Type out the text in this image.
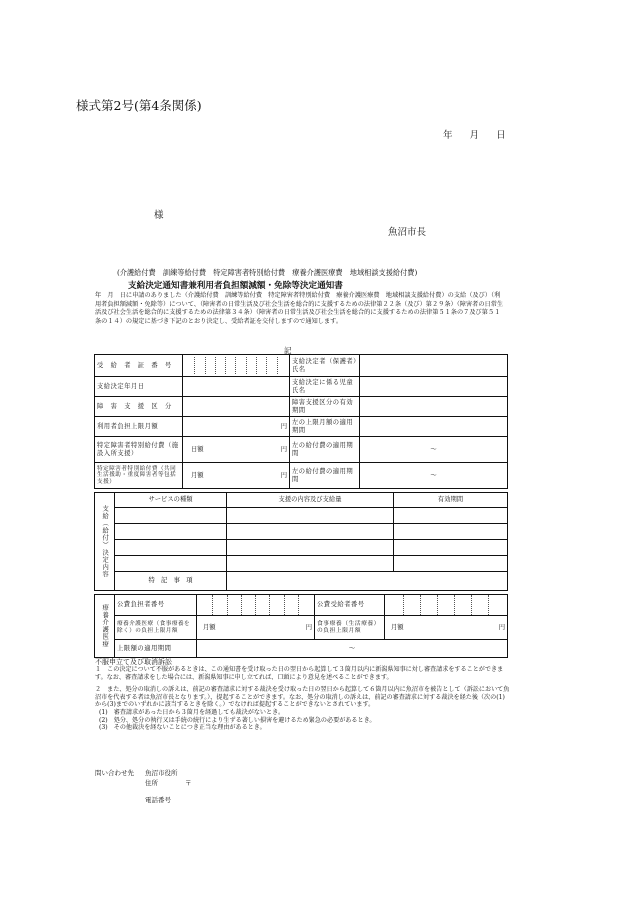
様式第2号(第4条関係)
年 月 日
様
魚沼市長
(介護給付費　訓練等給付費　特定障害者特別給付費　療養介護医療費　地域相談支援給付費)
支給決定通知書兼利用者負担額減額・免除等決定通知書
年　月　日に申請のありました（介護給付費　訓練等給付費　特定障害者特別給付費　療養介護医療費　地域相談支援給付費）の支給（及び）（利用者負担額減額・免除等）について、（障害者の日常生活及び社会生活を総合的に支援するための法律第２２条（及び）第２９条）（障害者の日常生活及び社会生活を総合的に支援するための法律第３４条）（障害者の日常生活及び社会生活を総合的に支援するための法律第５１条の７及び第５１条の１４）の規定に基づき下記のとおり決定し、受給者証を交付しますので通知します。
記
受　給　者　証　番　号		支給決定者（保護者）氏名	
支給決定年月日		支給決定に係る児童氏名	
障　害　支　援　区　分		障害支援区分の有効期間	
利用者負担上限月額	円	左の上限月額の適用期間	
特定障害者特別給付費（施設入所支援）	日額 円	左の給付費の適用期間	～
特定障害者特別給付費（共同生活援助・重度障害者等包括支援）	月額 円	左の給付費の適用期間	～
支給（給付）決定内容	サービスの種類	支援の内容及び支給量	有効期間

	特　記　事　項		
療養介護医療	公費負担者番号		公費受給者番号	

	療養介護医療（食事療養を除く）の負担上限月額	月額 円	食事療養（生活療養）の負担上限月額	月額 円

	上限額の適用期間	～		
不服申立て及び取消訴訟

１　この決定について不服があるときは、この通知書を受け取った日の翌日から起算して３箇月以内に新潟県知事に対し審査請求をすることができます。なお、審査請求をした場合には、新潟県知事に申し立てれば、口頭により意見を述べることができます。

２　また、処分の取消しの訴えは、前記の審査請求に対する裁決を受け取った日の翌日から起算して６箇月以内に魚沼市を被告として（訴訟において魚沼市を代表する者は魚沼市長となります。）、提起することができます。なお、処分の取消しの訴えは、前記の審査請求に対する裁決を経た後（次の(1)から(3)までのいずれかに該当するときを除く。）でなければ提起することができないとされています。

(1)　審査請求があった日から３箇月を経過しても裁決がないとき。

(2)　処分、処分の執行又は手続の続行により生ずる著しい損害を避けるため緊急の必要があるとき。

(3)　その他裁決を経ないことにつき正当な理由があるとき。

問い合わせ先	魚沼市役所
住所	〒
電話番号
